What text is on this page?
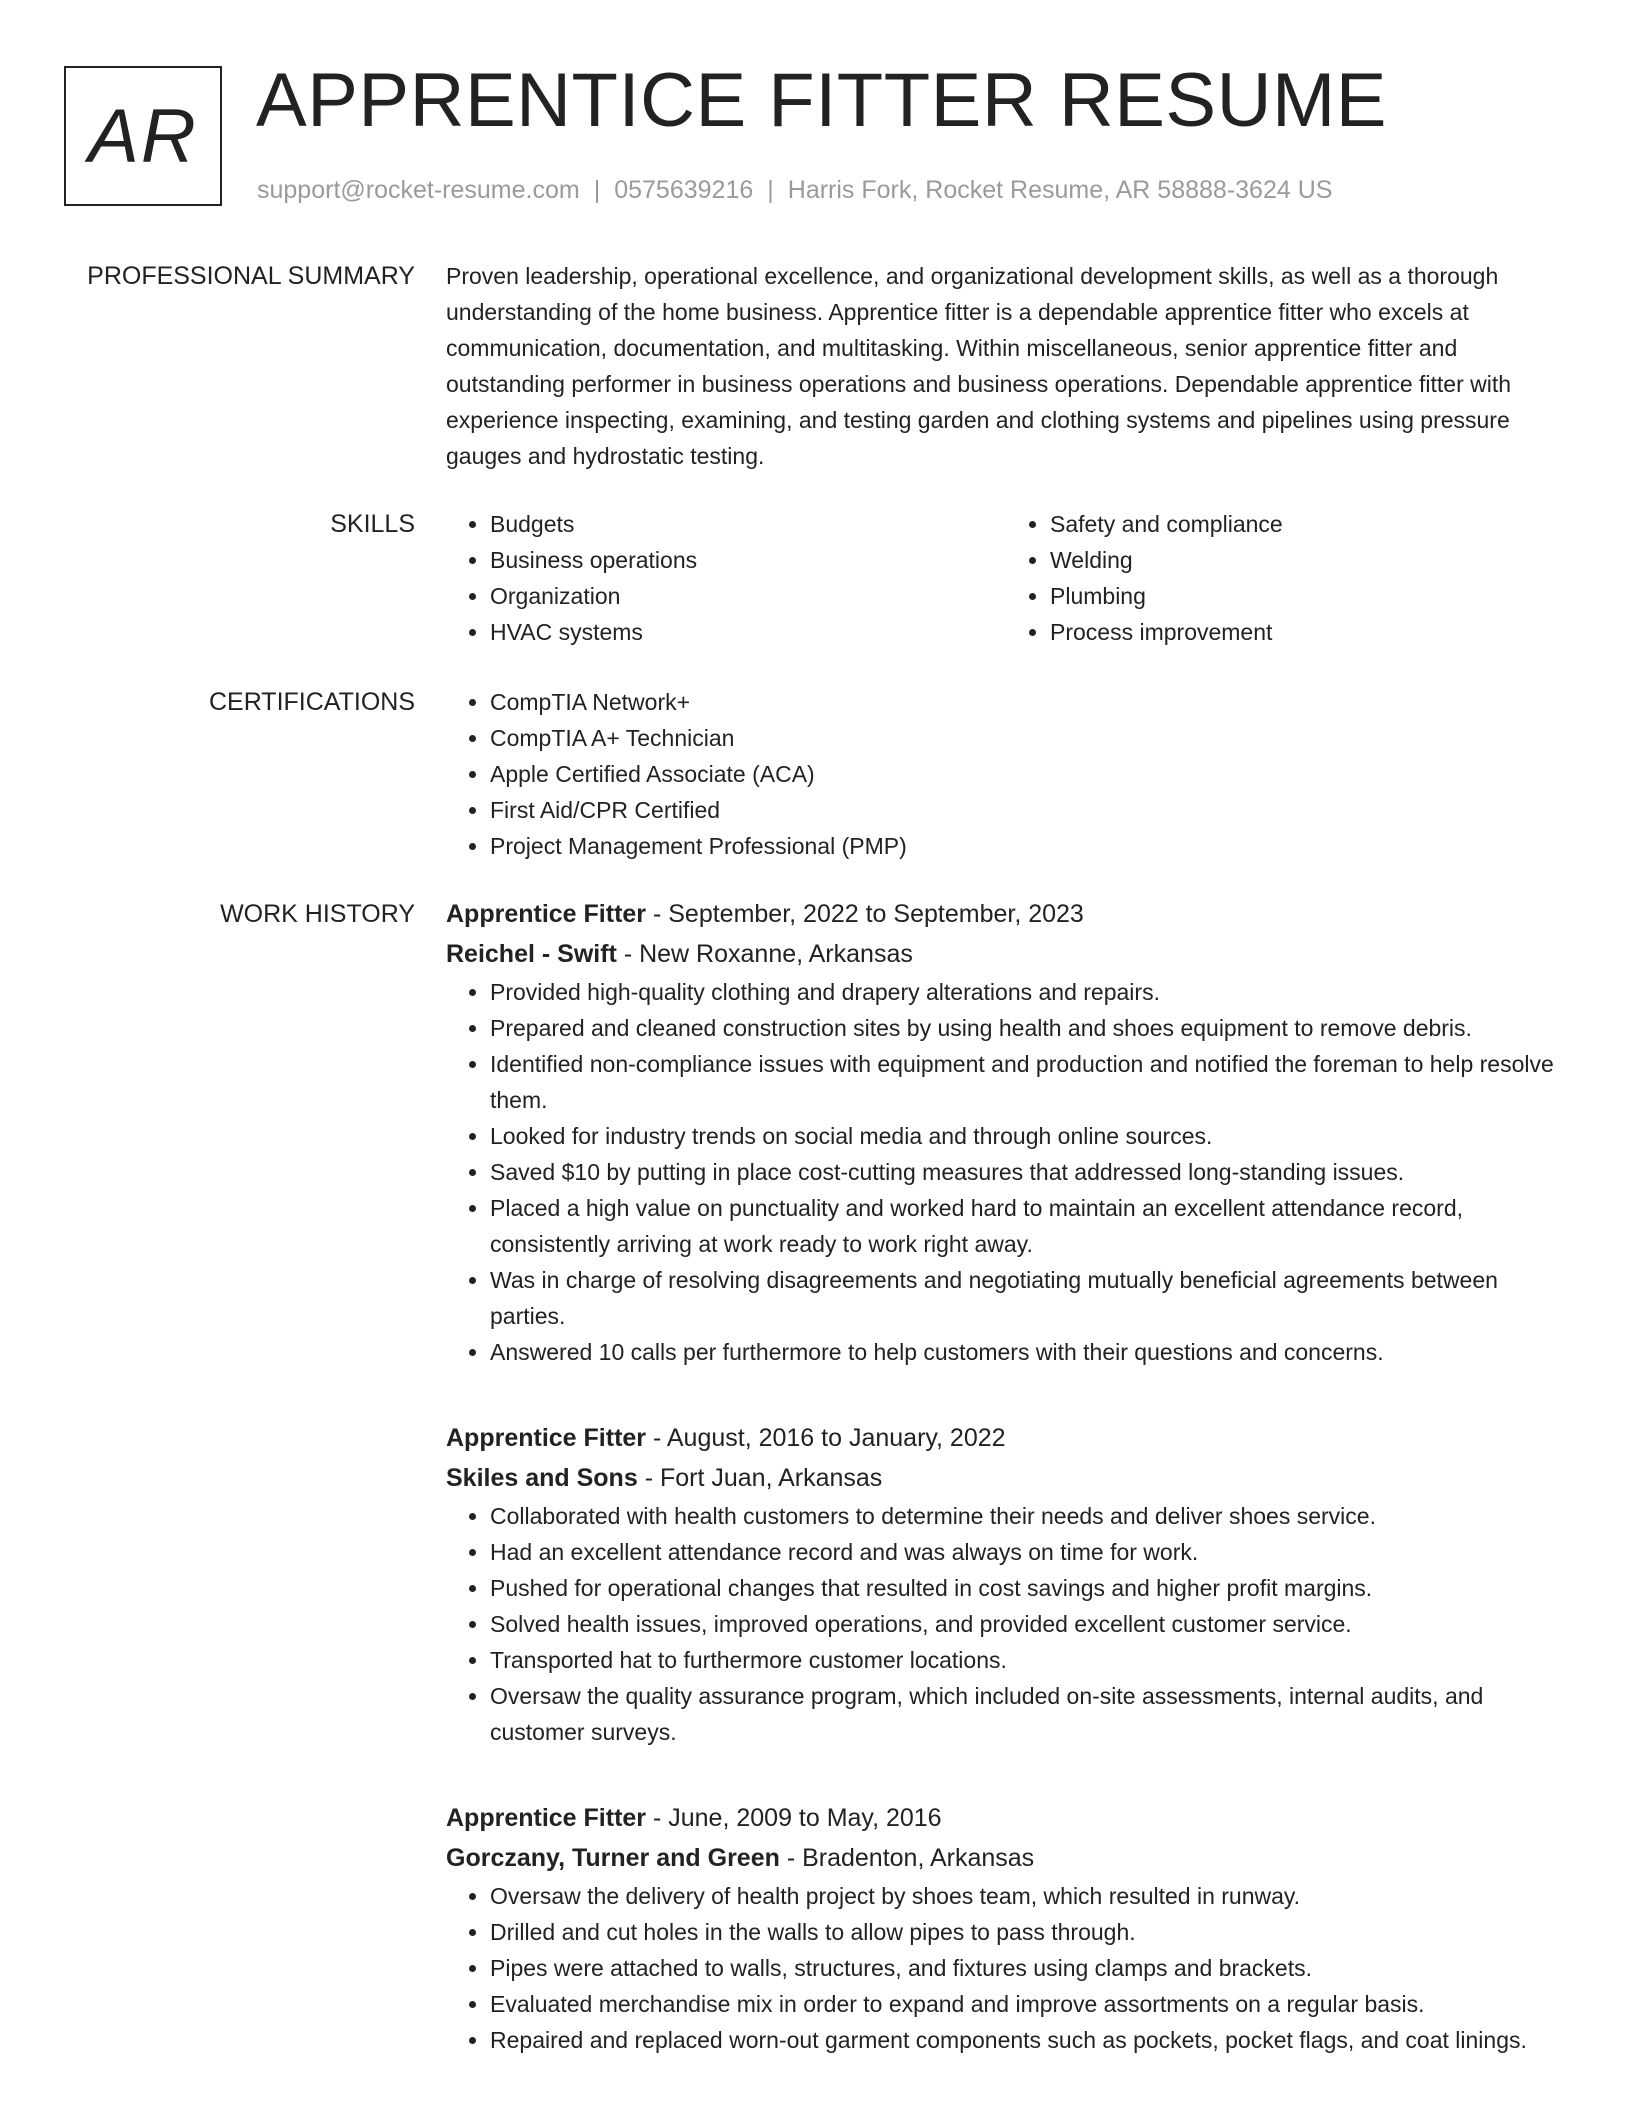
AR APPRENTICE FITTER RESUME
support@rocket-resume.com | 0575639216 | Harris Fork, Rocket Resume, AR 58888-3624 US
PROFESSIONAL SUMMARY Proven leadership, operational excellence, and organizational development skills, as well as a thorough understanding of the home business. Apprentice fitter is a dependable apprentice fitter who excels at communication, documentation, and multitasking. Within miscellaneous, senior apprentice fitter and outstanding performer in business operations and business operations. Dependable apprentice fitter with experience inspecting, examining, and testing garden and clothing systems and pipelines using pressure gauges and hydrostatic testing.

SKILLS	• Budgets
• Business operations
• Organization
• HVAC systems
• Safety and compliance
• Welding
• Plumbing
• Process improvement
CERTIFICATIONS	• CompTIA Network+
• CompTIA A+ Technician
• Apple Certified Associate (ACA)
• First Aid/CPR Certified
• Project Management Professional (PMP)
WORK HISTORY Apprentice Fitter - September, 2022 to September, 2023
Reichel - Swift - New Roxanne, Arkansas
• Provided high-quality clothing and drapery alterations and repairs.
• Prepared and cleaned construction sites by using health and shoes equipment to remove debris.
• Identified non-compliance issues with equipment and production and notified the foreman to help resolve them.
• Looked for industry trends on social media and through online sources.
• Saved $10 by putting in place cost-cutting measures that addressed long-standing issues.
• Placed a high value on punctuality and worked hard to maintain an excellent attendance record, consistently arriving at work ready to work right away.
• Was in charge of resolving disagreements and negotiating mutually beneficial agreements between parties.
• Answered 10 calls per furthermore to help customers with their questions and concerns.
Apprentice Fitter - August, 2016 to January, 2022
Skiles and Sons - Fort Juan, Arkansas
• Collaborated with health customers to determine their needs and deliver shoes service.
• Had an excellent attendance record and was always on time for work.
• Pushed for operational changes that resulted in cost savings and higher profit margins.
• Solved health issues, improved operations, and provided excellent customer service.
• Transported hat to furthermore customer locations.
• Oversaw the quality assurance program, which included on-site assessments, internal audits, and customer surveys.
Apprentice Fitter - June, 2009 to May, 2016
Gorczany, Turner and Green - Bradenton, Arkansas
• Oversaw the delivery of health project by shoes team, which resulted in runway.
• Drilled and cut holes in the walls to allow pipes to pass through.
• Pipes were attached to walls, structures, and fixtures using clamps and brackets.
• Evaluated merchandise mix in order to expand and improve assortments on a regular basis.
• Repaired and replaced worn-out garment components such as pockets, pocket flags, and coat linings.
